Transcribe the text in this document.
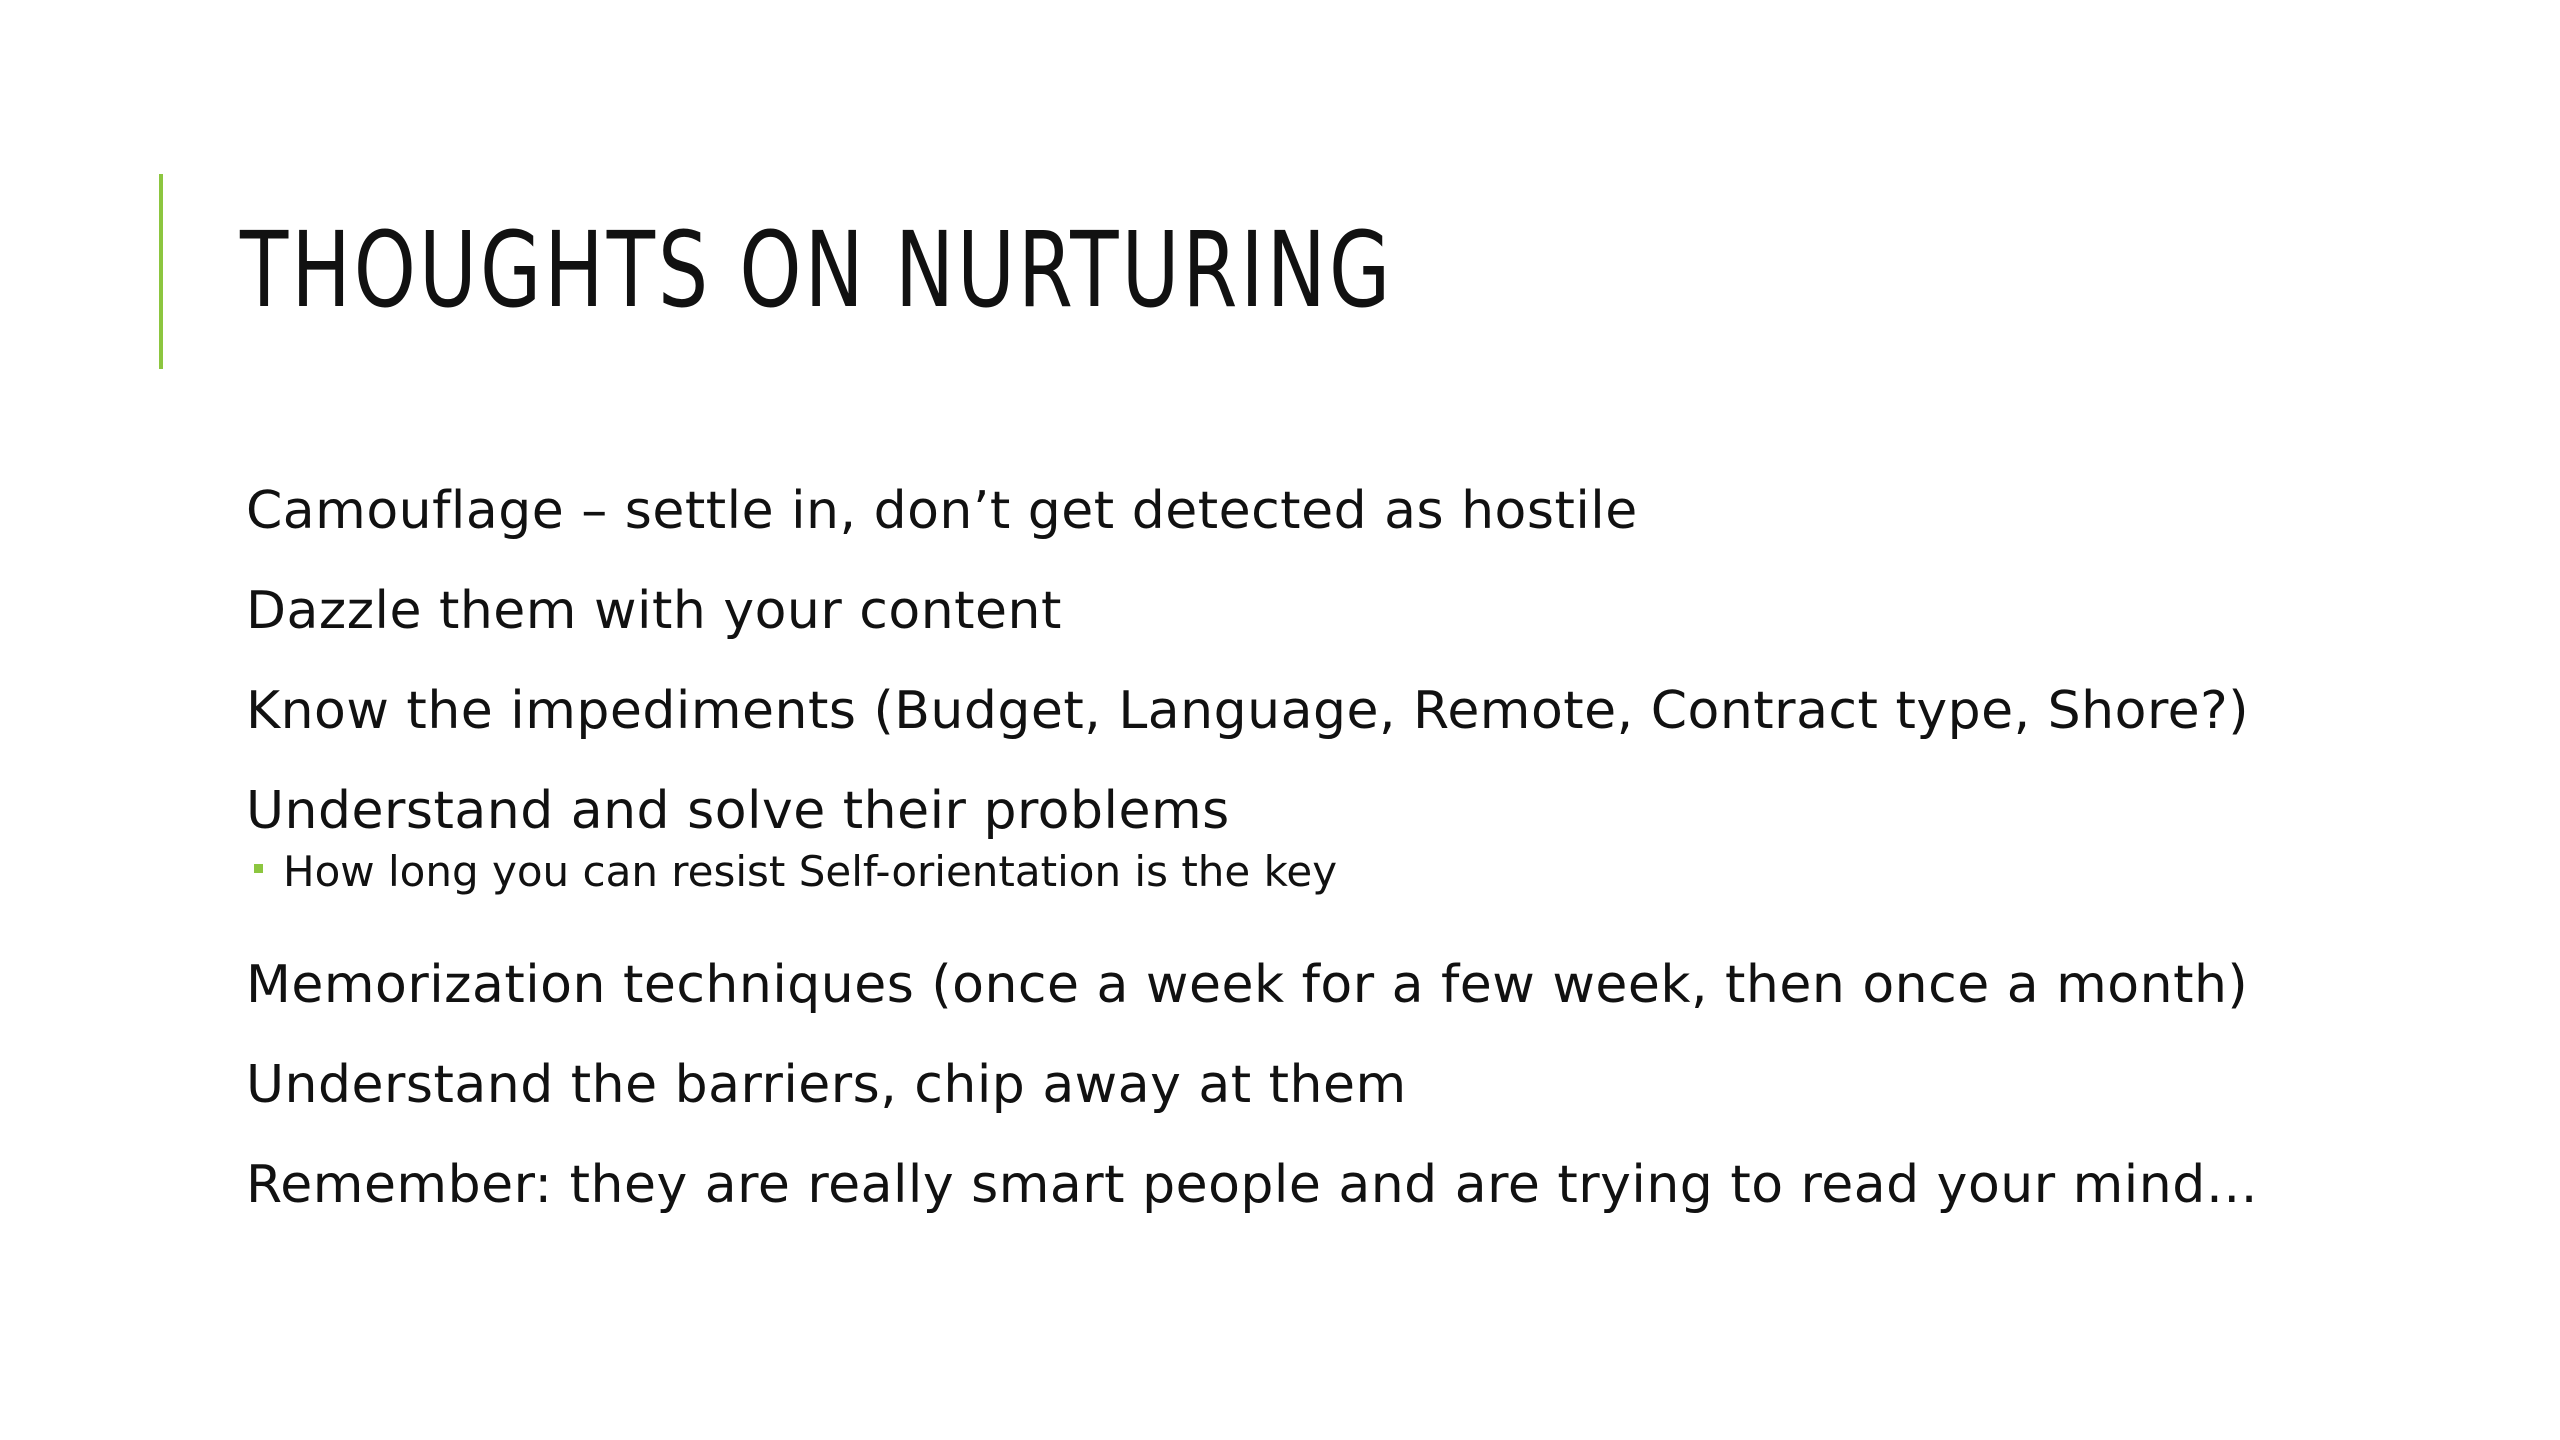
THOUGHTS ON NURTURING
Camouflage – settle in, don’t get detected as hostile
Dazzle them with your content
Know the impediments (Budget, Language, Remote, Contract type, Shore?)
Understand and solve their problems
How long you can resist Self-orientation is the key
Memorization techniques (once a week for a few week, then once a month)
Understand the barriers, chip away at them
Remember: they are really smart people and are trying to read your mind…
